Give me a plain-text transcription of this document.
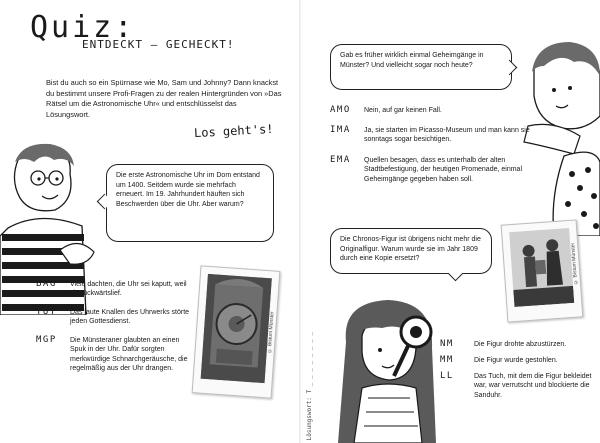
Quiz:
ENTDECKT – GECHECKT!
Bist du auch so ein Spürnase wie Mo, Sam und Johnny? Dann knackst du bestimmt unsere Profi-Fragen zu der realen Hintergründen von »Das Rätsel um die Astronomische Uhr« und entschlüsselst das Lösungswort.
Los geht's!
Die erste Astronomische Uhr im Dom entstand um 1400. Seitdem wurde sie mehrfach erneuert. Im 19. Jahrhundert häuften sich Beschwerden über die Uhr. Aber warum?
BAG Viele dachten, die Uhr sei kaputt, weil sie rückwärtslief.
TUT Das laute Knallen des Uhrwerks störte jeden Gottesdienst.
MGP Die Münsteraner glaubten an einen Spuk in der Uhr. Dafür sorgten merkwürdige Schnarchgeräusche, die regelmäßig aus der Uhr drangen.
© Bistum Münster
Gab es früher wirklich einmal Geheimgänge in Münster? Und vielleicht sogar noch heute?
AMO Nein, auf gar keinen Fall.
IMA Ja, sie starten im Picasso-Museum und man kann sie sonntags sogar besichtigen.
EMA Quellen besagen, dass es unterhalb der alten Stadtbefestigung, der heutigen Promenade, einmal Geheimgänge gegeben haben soll.
Die Chronos-Figur ist übrigens nicht mehr die Originalfigur. Warum wurde sie im Jahr 1809 durch eine Kopie ersetzt?	© Bistum Münster
Lösungswort: T _ _ _ _ _ _ _ _	NM	Die Figur drohte abzustürzen.
MM	Die Figur wurde gestohlen.
LL	Das Tuch, mit dem die Figur bekleidet war, war verrutscht und blockierte die Sanduhr.
